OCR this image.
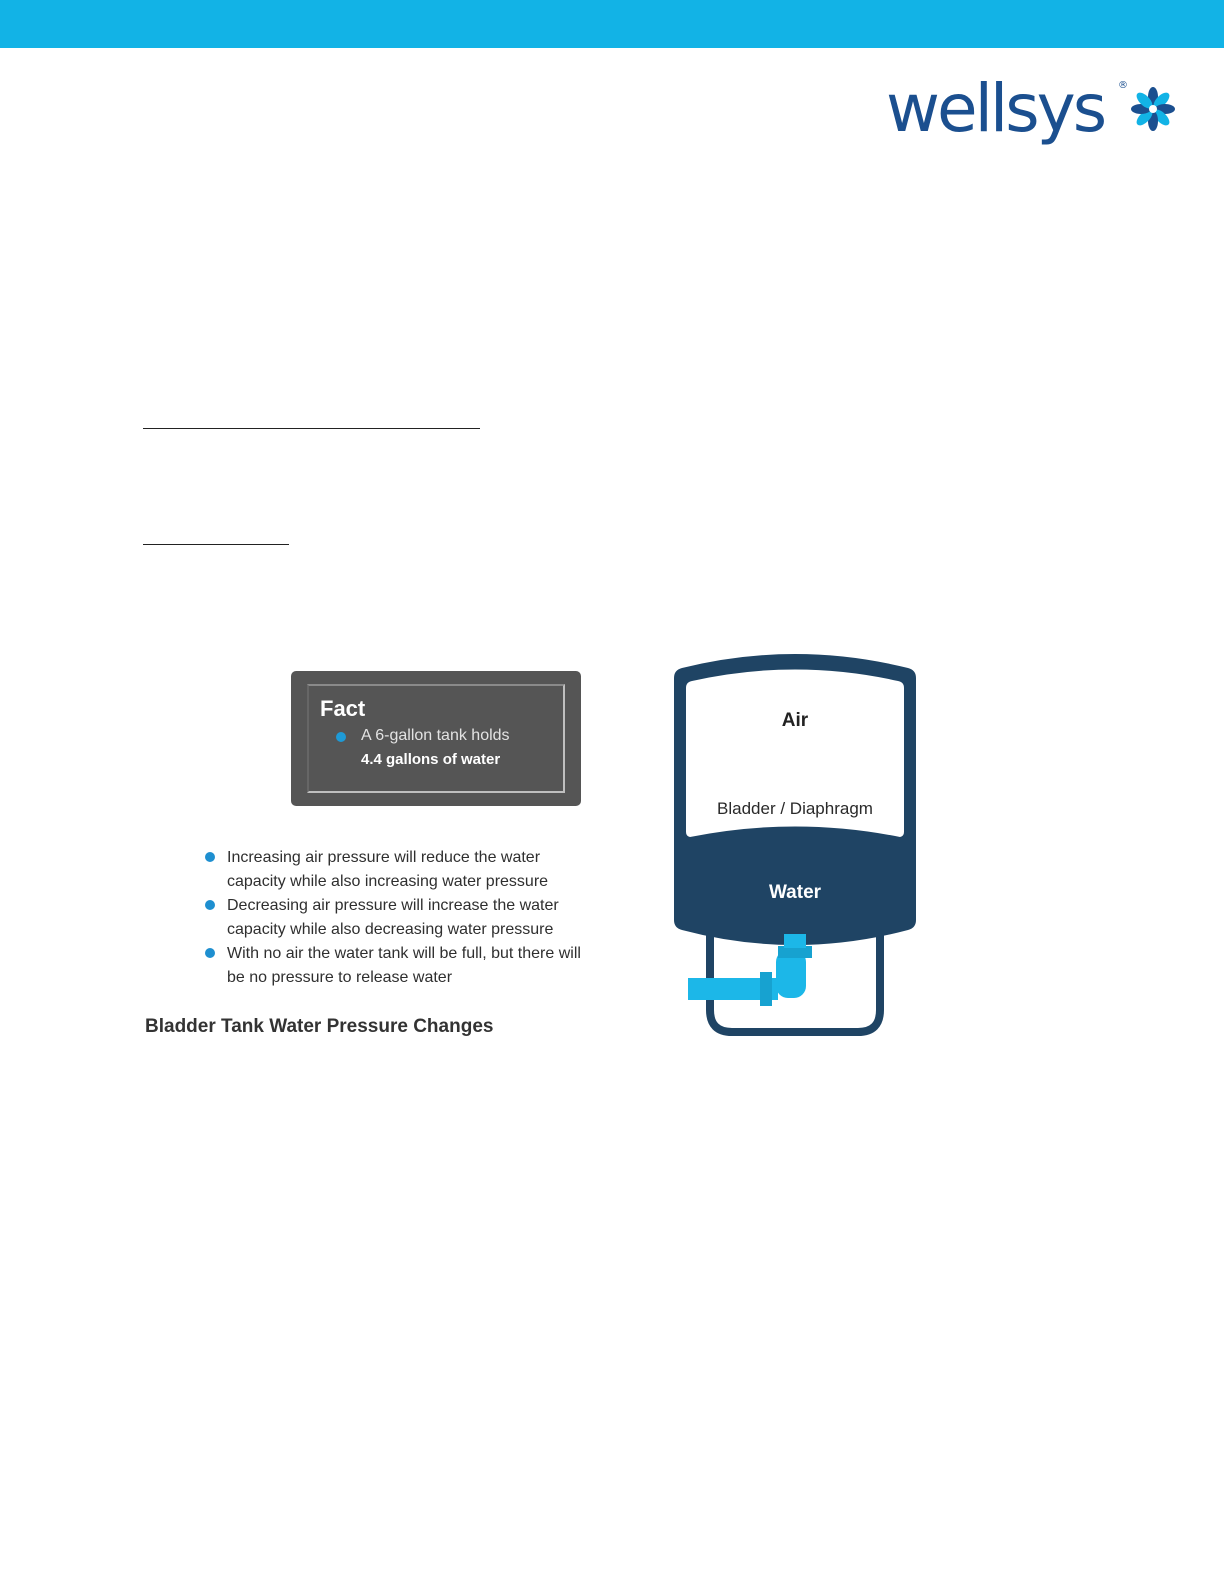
wellsys ®
Fact
A 6-gallon tank holds
4.4 gallons of water
Increasing air pressure will reduce the water capacity while also increasing water pressure
Decreasing air pressure will increase the water capacity while also decreasing water pressure
With no air the water tank will be full, but there will be no pressure to release water
Bladder Tank Water Pressure Changes
Air
Bladder / Diaphragm
Water
